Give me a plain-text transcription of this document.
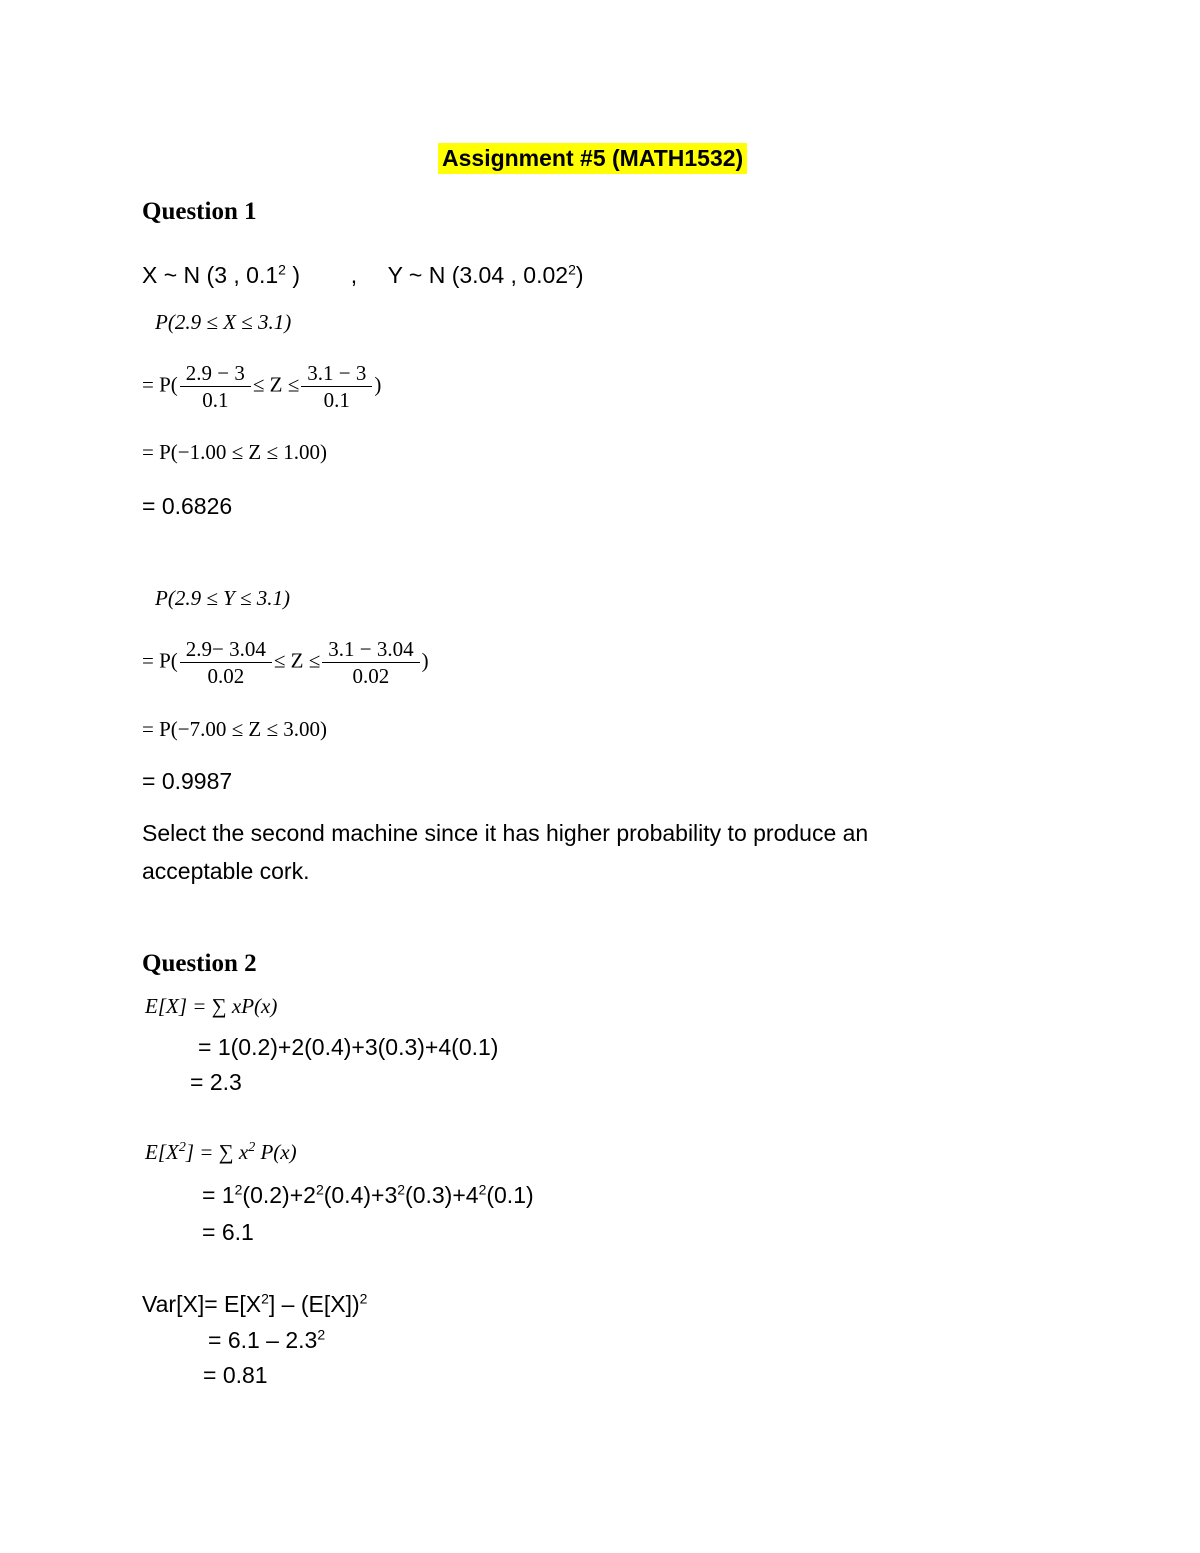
Assignment #5 (MATH1532)
Question 1
X ~ N (3 , $0.1^2$ ) , Y ~ N (3.04 , 0.02$^2$)
P(2.9 ≤ X ≤ 3.1)
= $P( \frac{2.9 - 3}{0.1} \le Z \le \frac{3.1 - 3}{0.1}$ )
= P(−1.00 ≤ Z ≤ 1.00)
= 0.6826
P(2.9 ≤ Y ≤ 3.1)
= $P( \frac{2.9- 3.04}{0.02} \le Z \le \frac{3.1 - 3.04}{0.02}$ )
= P(−7.00 ≤ Z ≤ 3.00)
= 0.9987
Select the second machine since it has higher probability to produce an
acceptable cork.
Question 2
E[X] = ∑ xP(x)
= 1(0.2)+2(0.4)+3(0.3)+4(0.1)
= 2.3
$E[X^2]$ = ∑ $x^2$ P(x)
= $1^2(0.2)+2^2(0.4)+3^2(0.3)+4^2(0.1)$
= 6.1
$Var[X]= E[X^2] - (E[X])^2$
= $6.1 - 2.3^2$
= 0.81
